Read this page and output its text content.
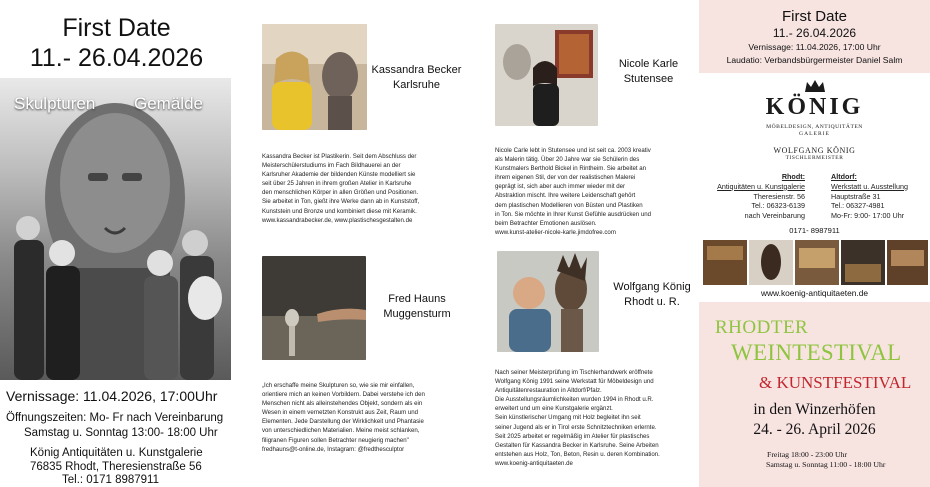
First Date
11.- 26.04.2026
Skulpturen Gemälde
Vernissage: 11.04.2026, 17:00Uhr
Öffnungszeiten: Mo- Fr nach Vereinbarung
Samstag u. Sonntag 13:00- 18:00 Uhr
König Antiquitäten u. Kunstgalerie
76835 Rhodt, Theresienstraße 56
Tel.: 0171 8987911
Kassandra Becker
Karlsruhe

Kassandra Becker ist Plastikerin. Seit dem Abschluss der

Meisterschülerstudiums im Fach Bildhauerei an der

Karlsruher Akademie der bildenden Künste modelliert sie

seit über 25 Jahren in ihrem großen Atelier in Karlsruhe

den menschlichen Körper in allen Größen und Positionen.

Sie arbeitet in Ton, gießt ihre Werke dann ab in Kunststoff,

Kunststein und Bronze und kombiniert diese mit Keramik.

www.kassandrabecker.de, www.plastischesgestalten.de

Fred Hauns
Muggensturm

„Ich erschaffe meine Skulpturen so, wie sie mir einfallen,

orientiere mich an keinen Vorbildern. Dabei verstehe ich den

Menschen nicht als alleinstehendes Objekt, sondern als ein

Wesen in einem vernetzten Konstrukt aus Zeit, Raum und

Elementen. Jede Darstellung der Wirklichkeit und Phantasie

von unterschiedlichen Materialien. Meine meist schlanken,

filigranen Figuren sollen Betrachter neugierig machen"

fredhauns@t-online.de, Instagram: @fredthesculptor

Nicole Karle
Stutensee

Nicole Carle lebt in Stutensee und ist seit ca. 2003 kreativ

als Malerin tätig. Über 20 Jahre war sie Schülerin des

Kunstmalers Berthold Bickel in Rintheim. Sie arbeitet an

ihrem eigenen Stil, der von der realistischen Malerei

geprägt ist, sich aber auch immer wieder mit der

Abstraktion mischt. Ihre weitere Leidenschaft gehört

dem plastischen Modellieren von Büsten und Plastiken

in Ton. Sie möchte in Ihrer Kunst Gefühle ausdrücken und

beim Betrachter Emotionen auslösen.

www.kunst-atelier-nicole-karle.jimdofree.com

Wolfgang König
Rhodt u. R.

Nach seiner Meisterprüfung im Tischlerhandwerk eröffnete

Wolfgang König 1991 seine Werkstatt für Möbeldesign und

Antiquitätenrestauration in Altdorf/Pfalz.

Die Ausstellungsräumlichkeiten wurden 1994 in Rhodt u.R.

erweitert und um eine Kunstgalerie ergänzt.

Sein künstlerischer Umgang mit Holz begleitet ihn seit

seiner Jugend als er in Tirol erste Schnitztechniken erlernte.

Seit 2025 arbeitet er regelmäßig im Atelier für plastisches

Gestalten für Kassandra Becker in Karlsruhe. Seine Arbeiten

entstehen aus Holz, Ton, Beton, Resin u. deren Kombination.

www.koenig-antiquitaeten.de

First Date
11.- 26.04.2026
Vernissage: 11.04.2026, 17:00 Uhr
Laudatio: Verbandsbürgermeister Daniel Salm
KÖNIG
MÖBELDESIGN, ANTIQUITÄTEN
GALERIE
WOLFGANG KÖNIG
TISCHLERMEISTER
Rhodt:
Antiquitäten u. Kunstgalerie
Theresienstr. 56
Tel.: 06323-6139
nach Vereinbarung
Altdorf:
Werkstatt u. Ausstellung
Hauptstraße 31
Tel.: 06327-4981
Mo-Fr: 9:00- 17:00 Uhr
0171- 8987911
www.koenig-antiquitaeten.de
RHODTER
WEINTESTIVAL
& KUNSTFESTIVAL
in den Winzerhöfen
24. - 26. April 2026
Freitag 18:00 - 23:00 Uhr
Samstag u. Sonntag 11:00 - 18:00 Uhr
